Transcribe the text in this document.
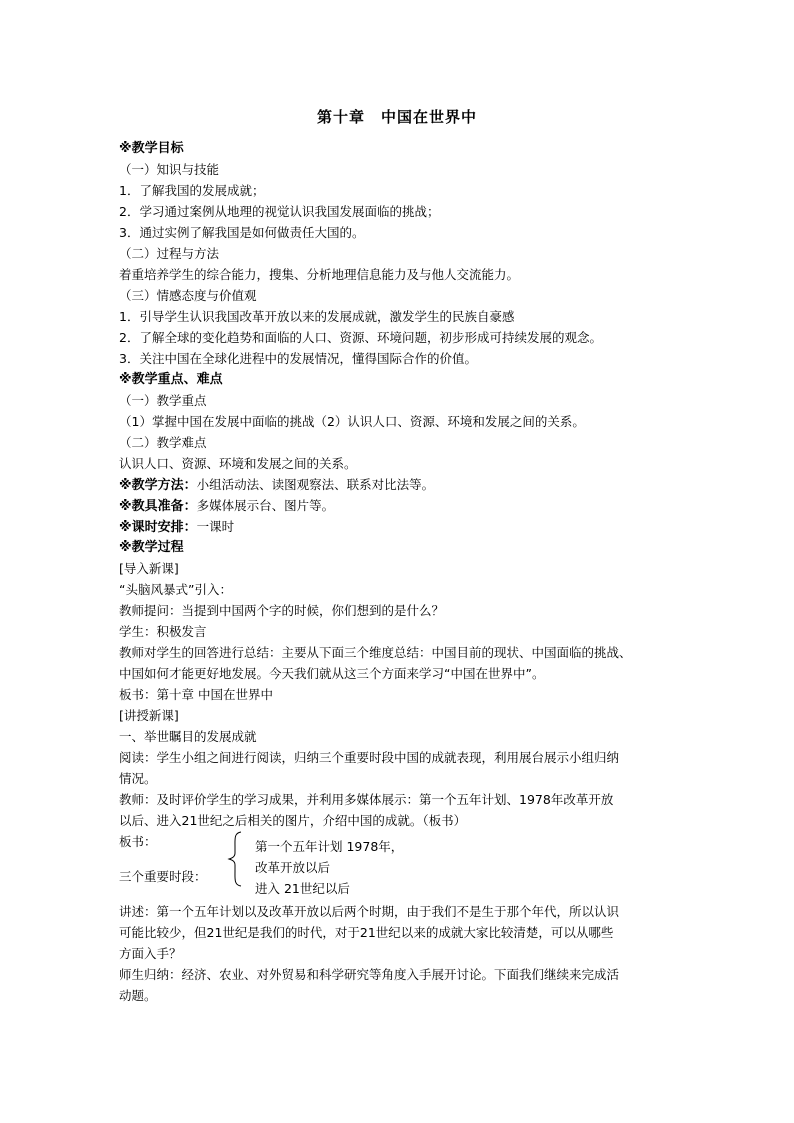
第十章　中国在世界中
※教学目标
（一）知识与技能
1．了解我国的发展成就；
2．学习通过案例从地理的视觉认识我国发展面临的挑战；
3．通过实例了解我国是如何做责任大国的。
（二）过程与方法
着重培养学生的综合能力，搜集、分析地理信息能力及与他人交流能力。
（三）情感态度与价值观
1．引导学生认识我国改革开放以来的发展成就，激发学生的民族自豪感
2．了解全球的变化趋势和面临的人口、资源、环境问题，初步形成可持续发展的观念。
3．关注中国在全球化进程中的发展情况，懂得国际合作的价值。
※教学重点、难点
（一）教学重点
（1）掌握中国在发展中面临的挑战（2）认识人口、资源、环境和发展之间的关系。
（二）教学难点
认识人口、资源、环境和发展之间的关系。
※教学方法：小组活动法、读图观察法、联系对比法等。
※教具准备：多媒体展示台、图片等。
※课时安排：一课时
※教学过程
[导入新课]
“头脑风暴式”引入：
教师提问：当提到中国两个字的时候，你们想到的是什么？
学生：积极发言
教师对学生的回答进行总结：主要从下面三个维度总结：中国目前的现状、中国面临的挑战、
中国如何才能更好地发展。今天我们就从这三个方面来学习“中国在世界中”。
板书：第十章 中国在世界中
[讲授新课]
一、举世瞩目的发展成就
阅读：学生小组之间进行阅读，归纳三个重要时段中国的成就表现，利用展台展示小组归纳
情况。
教师：及时评价学生的学习成果，并利用多媒体展示：第一个五年计划、1978年改革开放
以后、进入21世纪之后相关的图片，介绍中国的成就。（板书）
板书：
三个重要时段：
第一个五年计划 1978年，
改革开放以后
进入 21世纪以后
讲述：第一个五年计划以及改革开放以后两个时期，由于我们不是生于那个年代，所以认识
可能比较少，但21世纪是我们的时代，对于21世纪以来的成就大家比较清楚，可以从哪些
方面入手？
师生归纳：经济、农业、对外贸易和科学研究等角度入手展开讨论。下面我们继续来完成活
动题。
